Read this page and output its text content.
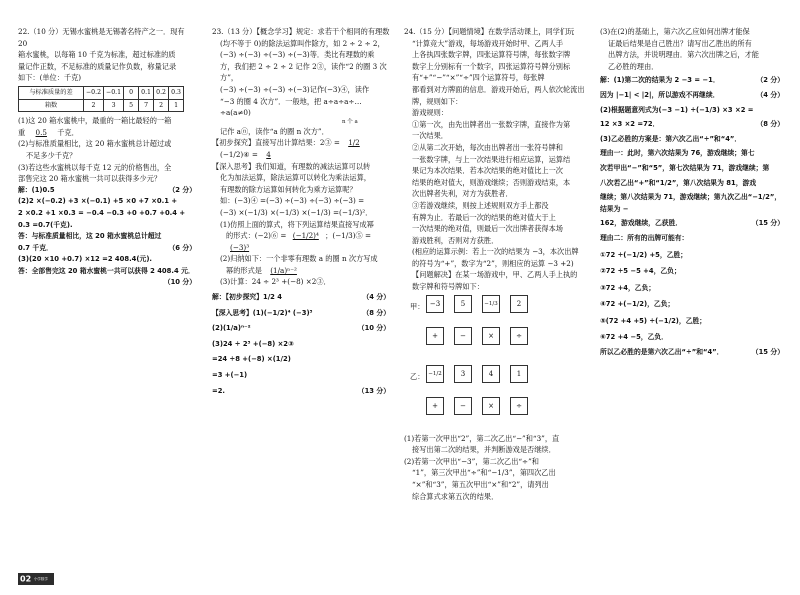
22.（10 分）无锡水蜜桃是无锡著名特产之一．现有 20

箱水蜜桃，以每箱 10 千克为标准，超过标准的质

量记作正数，不足标准的质量记作负数，称量记录

如下：(单位：千克)

与标准质量的差	−0.2	−0.1	0	0.1	0.2	0.3
箱数	2	3	5	7	2	1

(1)这 20 箱水蜜桃中，最重的一箱比最轻的一箱

重 0.5 千克．

(2)与标准质量相比，这 20 箱水蜜桃总计超过或

不足多少千克？

(3)若这些水蜜桃以每千克 12 元的价格售出，全

部售完这 20 箱水蜜桃一共可以获得多少元？

解：(1)0.5	（2 分）

(2)2 ×(−0.2) +3 ×(−0.1) +5 ×0 +7 ×0.1 +

2 ×0.2 +1 ×0.3 = −0.4 −0.3 +0 +0.7 +0.4 +

0.3 =0.7(千克).

答：与标准质量相比，这 20 箱水蜜桃总计超过

0.7 千克．	（6 分）

(3)(20 ×10 +0.7) ×12 =2 408.4(元).

答：全部售完这 20 箱水蜜桃一共可以获得 2 408.4 元．

（10 分）

23.（13 分）【概念学习】规定：求若干个相同的有理数

(均不等于 0)的除法运算叫作除方，如 2 ÷ 2 ÷ 2，

(−3) ÷(−3) ÷(−3) ÷(−3)等．类比有理数的乘

方，我们把 2 ÷ 2 ÷ 2 记作 2③，读作“2 的圈 3 次方”，

(−3) ÷(−3) ÷(−3) ÷(−3)记作(−3)④，读作

“−3 的圈 4 次方”．一般地，把 a÷a÷a÷…÷a(a≠0)

n 个 a

记作 aⓝ，读作“a 的圈 n 次方”．

【初步探究】直接写出计算结果：2③ = 1/2

(−1/2)④ = 4

【深入思考】我们知道，有理数的减法运算可以转

化为加法运算，除法运算可以转化为乘法运算，

有理数的除方运算如何转化为乘方运算呢？

如：(−3)④ =(−3) ÷(−3) ÷(−3) ÷(−3) =

(−3) ×(−1/3) ×(−1/3) ×(−1/3) =(−1/3)²．

(1)仿照上面的算式，将下列运算结果直接写成幂

的形式：(−2)⑥ = (−1/2)⁴ ；(−1/3)⑤ =

(−3)³

(2)归纳如下：一个非零有理数 a 的圈 n 次方写成

幂的形式是 (1/a)ⁿ⁻²

(3)计算：24 ÷ 2³ +(−8) ×2③．

解：【初步探究】1/2 4	（4 分）

【深入思考】(1)(−1/2)⁴ (−3)³	（8 分）

(2)(1/a)ⁿ⁻²	（10 分）

(3)24 ÷ 2³ +(−8) ×2③

=24 ÷8 +(−8) ×(1/2)

=3 +(−1)

=2.	（13 分）

24.（15 分）【问题情境】在数学活动课上，同学们玩

“计算竞大”游戏，每场游戏开始时甲、乙两人手

上各执四张数字牌，四张运算符号牌，每张数字牌

数字上分别标有一个数字，四张运算符号牌分别标

有“+”“−”“×”“÷”四个运算符号，每张牌

都看到对方牌面的信息．游戏开始后，两人依次轮流出

牌，规则如下：

游戏规则：

①第一次，由先出牌者出一张数字牌，直接作为第

一次结果．

②从第二次开始，每次由出牌者出一张符号牌和

一张数字牌，与上一次结果进行相应运算，运算结

果记为本次结果．若本次结果的绝对值比上一次

结果的绝对值大，则游戏继续；否则游戏结束，本

次出牌者失利，对方为获胜者．

③若游戏继续，则按上述规则双方手上都没

有牌为止．若最后一次的结果的绝对值大于上

一次结果的绝对值，则最后一次出牌者获得本场

游戏胜利，否则对方获胜．

(相应的运算示例：若上一次的结果为 −3，本次出牌

的符号为“+”，数字为“2”，则相应的运算 −3 +2)

【问题解决】在某一场游戏中，甲、乙两人手上执的

数字牌和符号牌如下：

甲： −3	5	−1/3	2
+	−	×	÷
乙： −1/2	3	4	1
+	−	×	÷

(1)若第一次甲出“2”，第二次乙出“−”和“3”，直

接写出第二次的结果，并判断游戏是否继续．

(2)若第一次甲出“−3”，第二次乙出“÷”和

“1”，第三次甲出“÷”和“−1/3”，第四次乙出

“×”和“3”，第五次甲出“×”和“2”，请列出

综合算式求第五次的结果．

(3)在(2)的基础上，第六次乙应如何出牌才能保

证最后结果是自己胜出？请写出乙胜出的所有

出牌方法，并说明理由．第六次出牌之后，才能

乙必胜的理由．

解：(1)第二次的结果为 2 −3 = −1．	（2 分）

因为 |−1| < |2|，所以游戏不再继续．	（4 分）

(2)根据题意列式为(−3 −1) ÷(−1/3) ×3 ×2 =

12 ×3 ×2 =72．	（8 分）

(3)乙必胜的方案是：第六次乙出“÷”和“4”．

理由一：此时，第六次结果为 76，游戏继续；第七

次若甲出“−”和“5”，第七次结果为 71，游戏继续；第

八次若乙出“+”和“1/2”，第八次结果为 81，游戏

继续；第八次结果为 71，游戏继续；第九次乙出“−1/2”，结果为 −

162，游戏继续，乙获胜．	（15 分）

理由二：所有的出牌可能有：

①72 ÷(−1/2) +5，乙胜；

②72 ÷5 −5 +4，乙负；

③72 +4，乙负；

④72 +(−1/2)，乙负；

⑤(72 +4 +5) ÷(−1/2)，乙胜；

⑥72 +4 −5，乙负．

所以乙必胜的是第六次乙出“÷”和“4”．	（15 分）

02 小学数学
